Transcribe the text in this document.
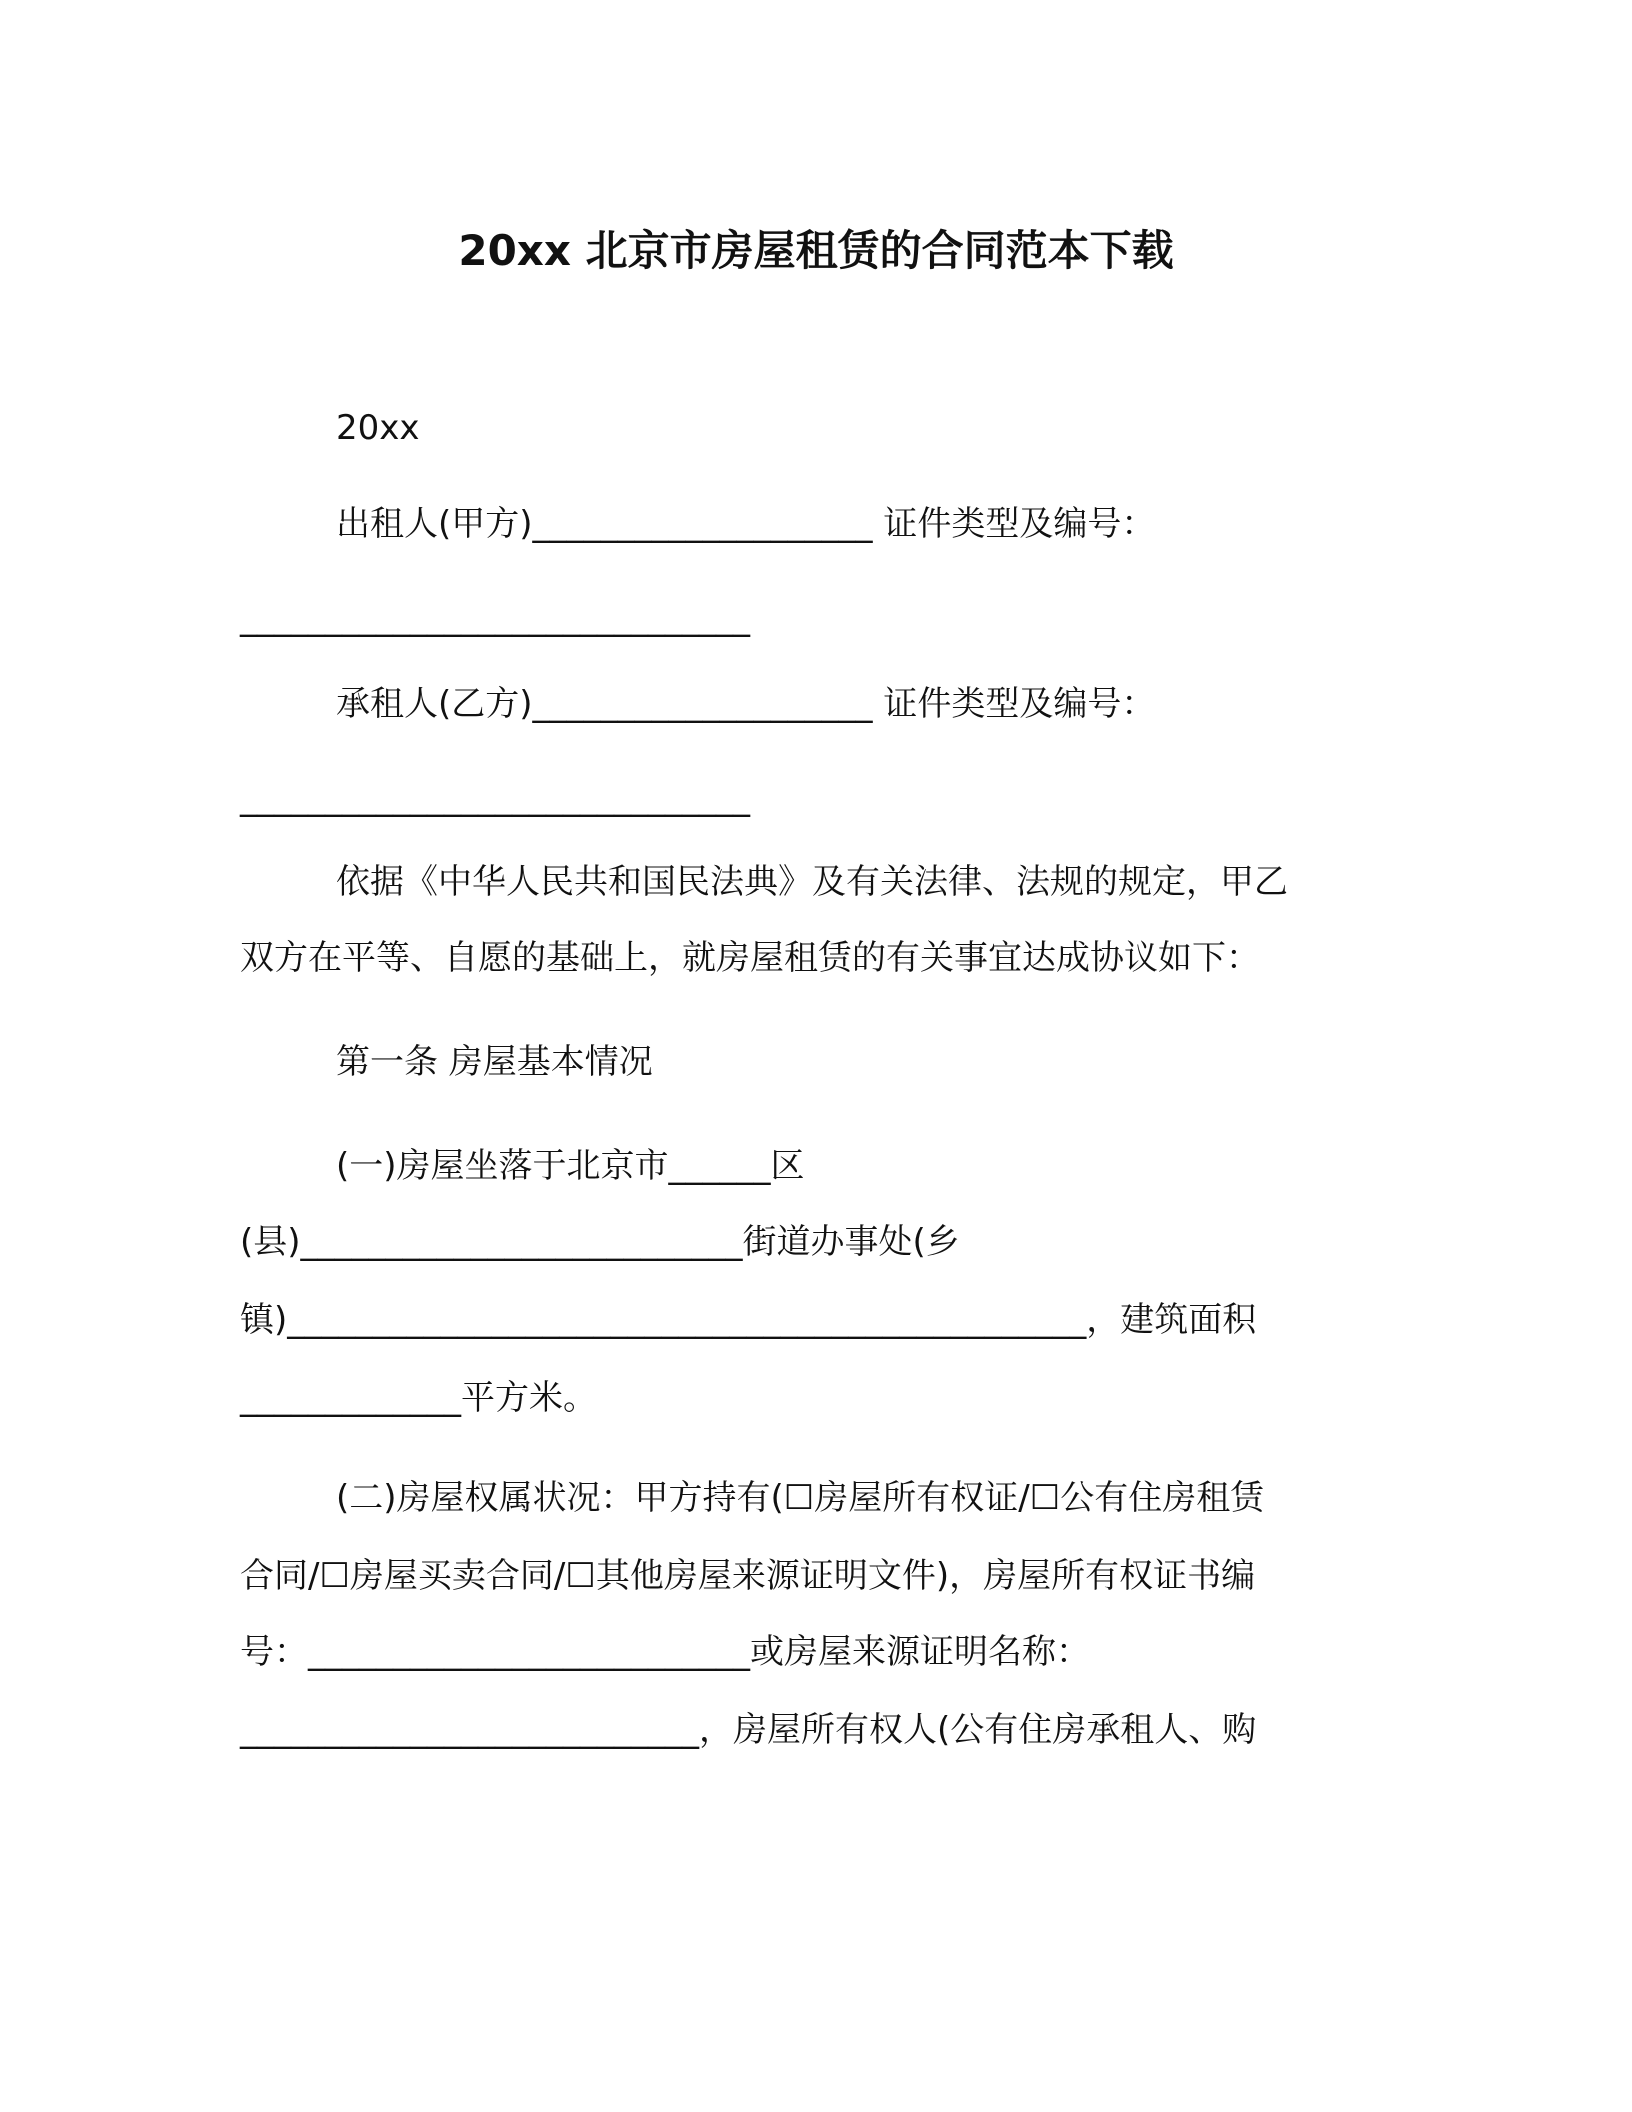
20xx 北京市房屋租赁的合同范本下载
20xx
出租人(甲方)____________________ 证件类型及编号：
______________________________
承租人(乙方)____________________ 证件类型及编号：
______________________________
依据《中华人民共和国民法典》及有关法律、法规的规定，甲乙
双方在平等、自愿的基础上，就房屋租赁的有关事宜达成协议如下：
第一条 房屋基本情况
(一)房屋坐落于北京市______区
(县)__________________________街道办事处(乡
镇)_______________________________________________，建筑面积
_____________平方米。
(二)房屋权属状况：甲方持有(☐房屋所有权证/☐公有住房租赁
合同/☐房屋买卖合同/☐其他房屋来源证明文件)，房屋所有权证书编
号：__________________________或房屋来源证明名称：
___________________________，房屋所有权人(公有住房承租人、购
